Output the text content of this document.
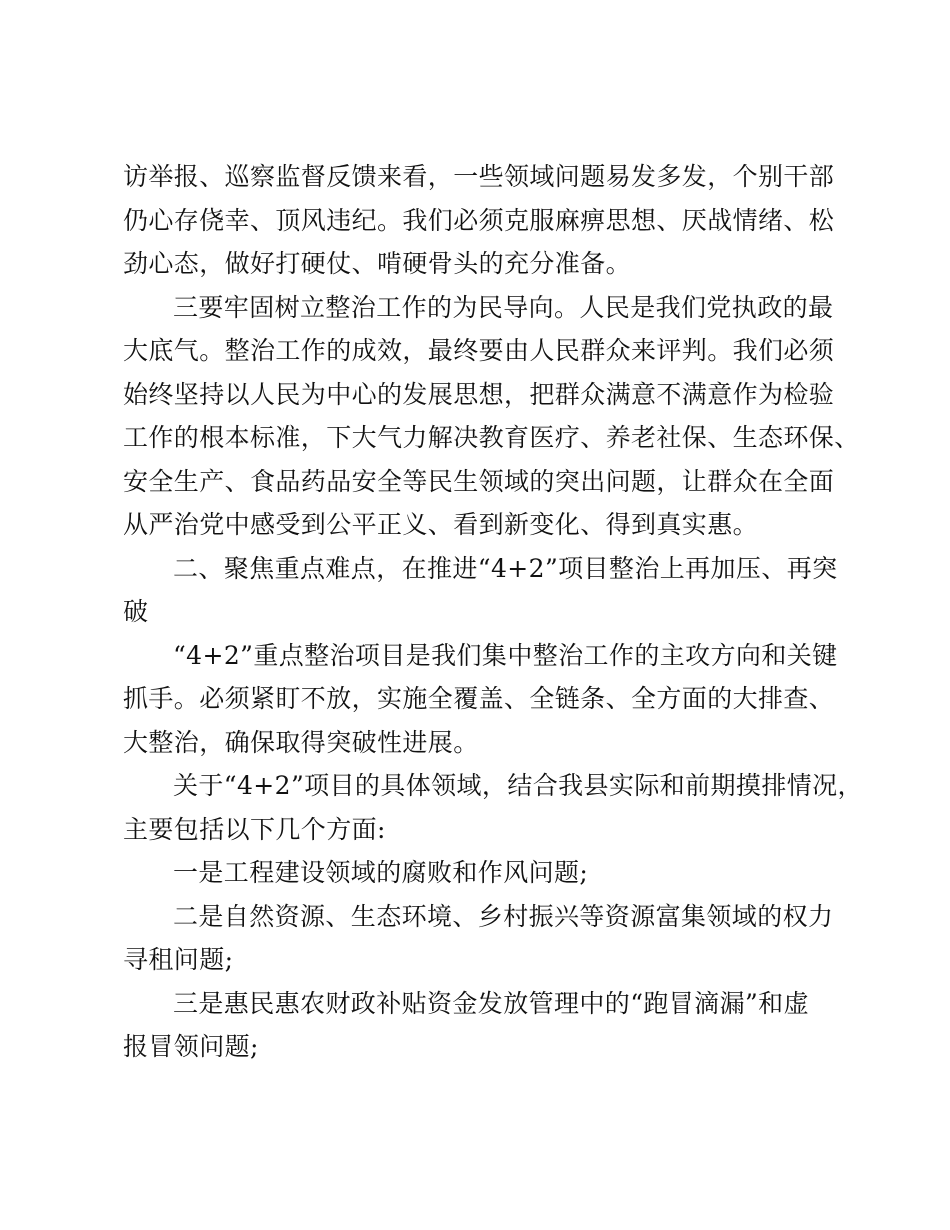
访举报、巡察监督反馈来看，一些领域问题易发多发，个别干部
仍心存侥幸、顶风违纪。我们必须克服麻痹思想、厌战情绪、松
劲心态，做好打硬仗、啃硬骨头的充分准备。
三要牢固树立整治工作的为民导向。人民是我们党执政的最
大底气。整治工作的成效，最终要由人民群众来评判。我们必须
始终坚持以人民为中心的发展思想，把群众满意不满意作为检验
工作的根本标准，下大气力解决教育医疗、养老社保、生态环保、
安全生产、食品药品安全等民生领域的突出问题，让群众在全面
从严治党中感受到公平正义、看到新变化、得到真实惠。
二、聚焦重点难点，在推进“4+2”项目整治上再加压、再突
破
“4+2”重点整治项目是我们集中整治工作的主攻方向和关键
抓手。必须紧盯不放，实施全覆盖、全链条、全方面的大排查、
大整治，确保取得突破性进展。
关于“4+2”项目的具体领域，结合我县实际和前期摸排情况，
主要包括以下几个方面:
一是工程建设领域的腐败和作风问题;
二是自然资源、生态环境、乡村振兴等资源富集领域的权力
寻租问题;
三是惠民惠农财政补贴资金发放管理中的“跑冒滴漏”和虚
报冒领问题;
